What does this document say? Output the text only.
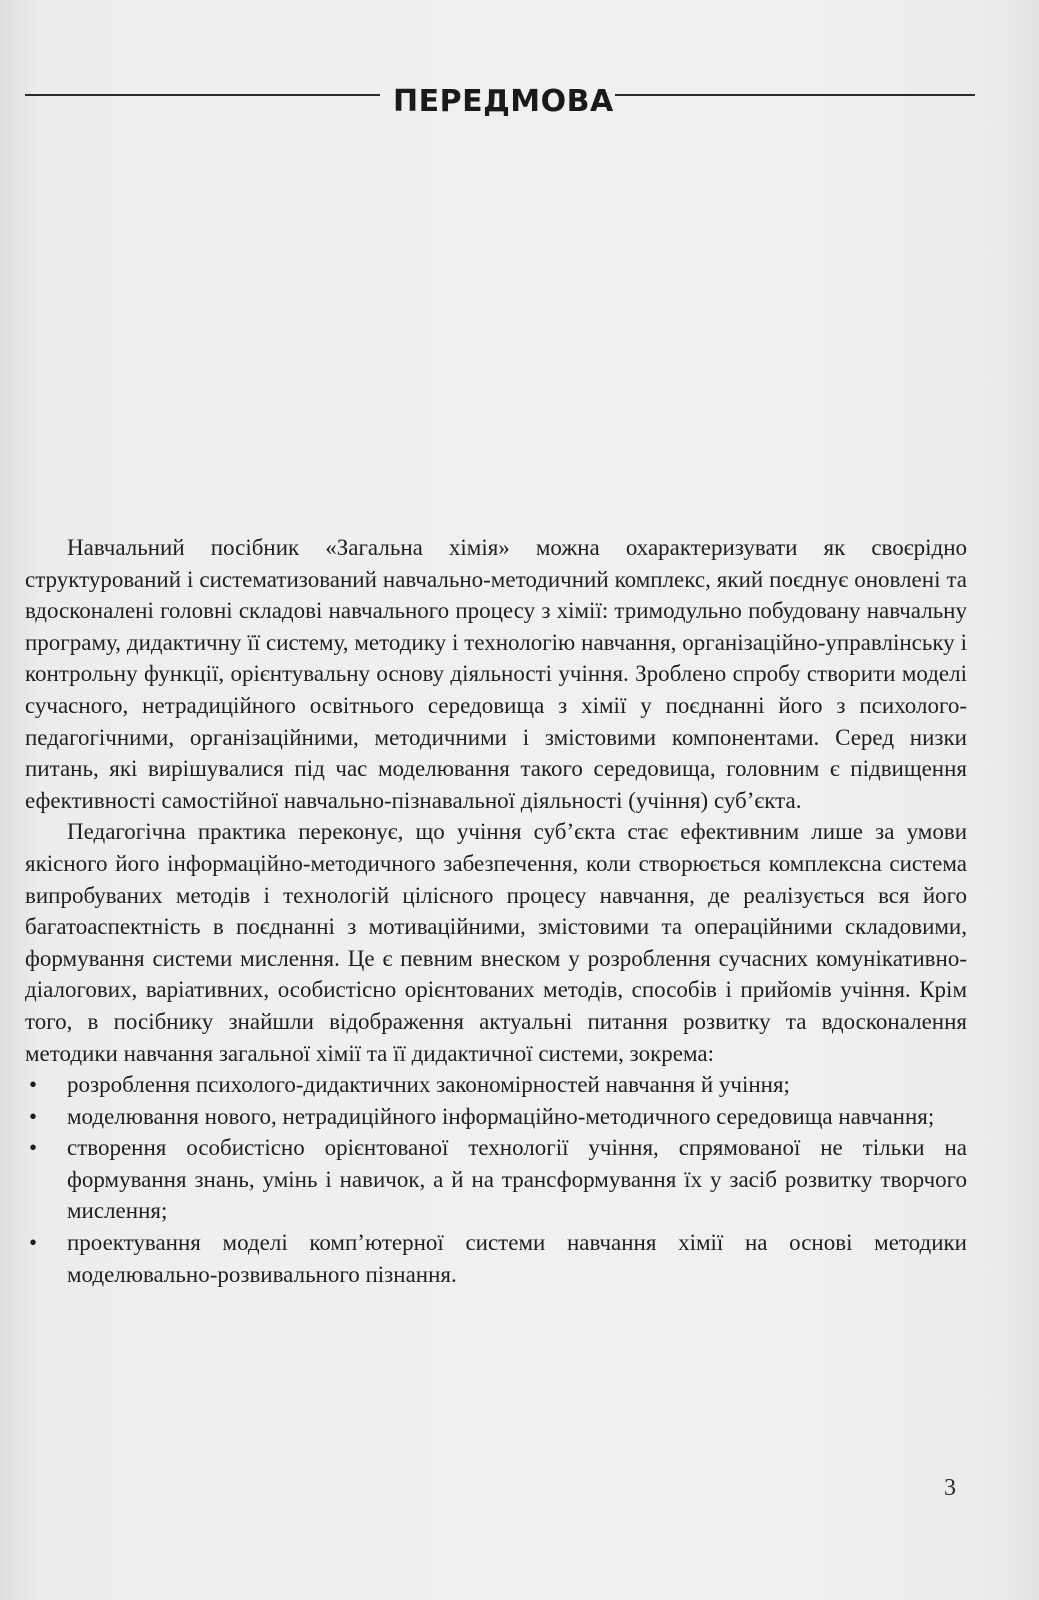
ПЕРЕДМОВА

Навчальний посібник «Загальна хімія» можна охарактеризувати як своєрідно структурований і систематизований навчально-методичний комплекс, який поєднує оновлені та вдосконалені головні складові навчального процесу з хімії: тримодульно побудовану навчальну програму, дидактичну її систему, методику і технологію навчання, організаційно-управлінську і контрольну функції, орієнтувальну основу діяльності учіння. Зроблено спробу створити моделі сучасного, нетрадиційного освітнього середовища з хімії у поєднанні його з психолого-педагогічними, організаційними, методичними і змістовими компонентами. Серед низки питань, які вирішувалися під час моделювання такого середовища, головним є підвищення ефективності самостійної навчально-пізнавальної діяльності (учіння) суб’єкта.

Педагогічна практика переконує, що учіння суб’єкта стає ефективним лише за умови якісного його інформаційно-методичного забезпечення, коли створюється комплексна система випробуваних методів і технологій цілісного процесу навчання, де реалізується вся його багатоаспектність в поєднанні з мотиваційними, змістовими та операційними складовими, формування системи мислення. Це є певним внеском у розроблення сучасних комунікативно-діалогових, варіативних, особистісно орієнтованих методів, способів і прийомів учіння. Крім того, в посібнику знайшли відображення актуальні питання розвитку та вдосконалення методики навчання загальної хімії та її дидактичної системи, зокрема:

• розроблення психолого-дидактичних закономірностей навчання й учіння;
• моделювання нового, нетрадиційного інформаційно-методичного середовища навчання;
• створення особистісно орієнтованої технології учіння, спрямованої не тільки на формування знань, умінь і навичок, а й на трансформування їх у засіб розвитку творчого мислення;
• проектування моделі комп’ютерної системи навчання хімії на основі методики моделювально-розвивального пізнання.
3
